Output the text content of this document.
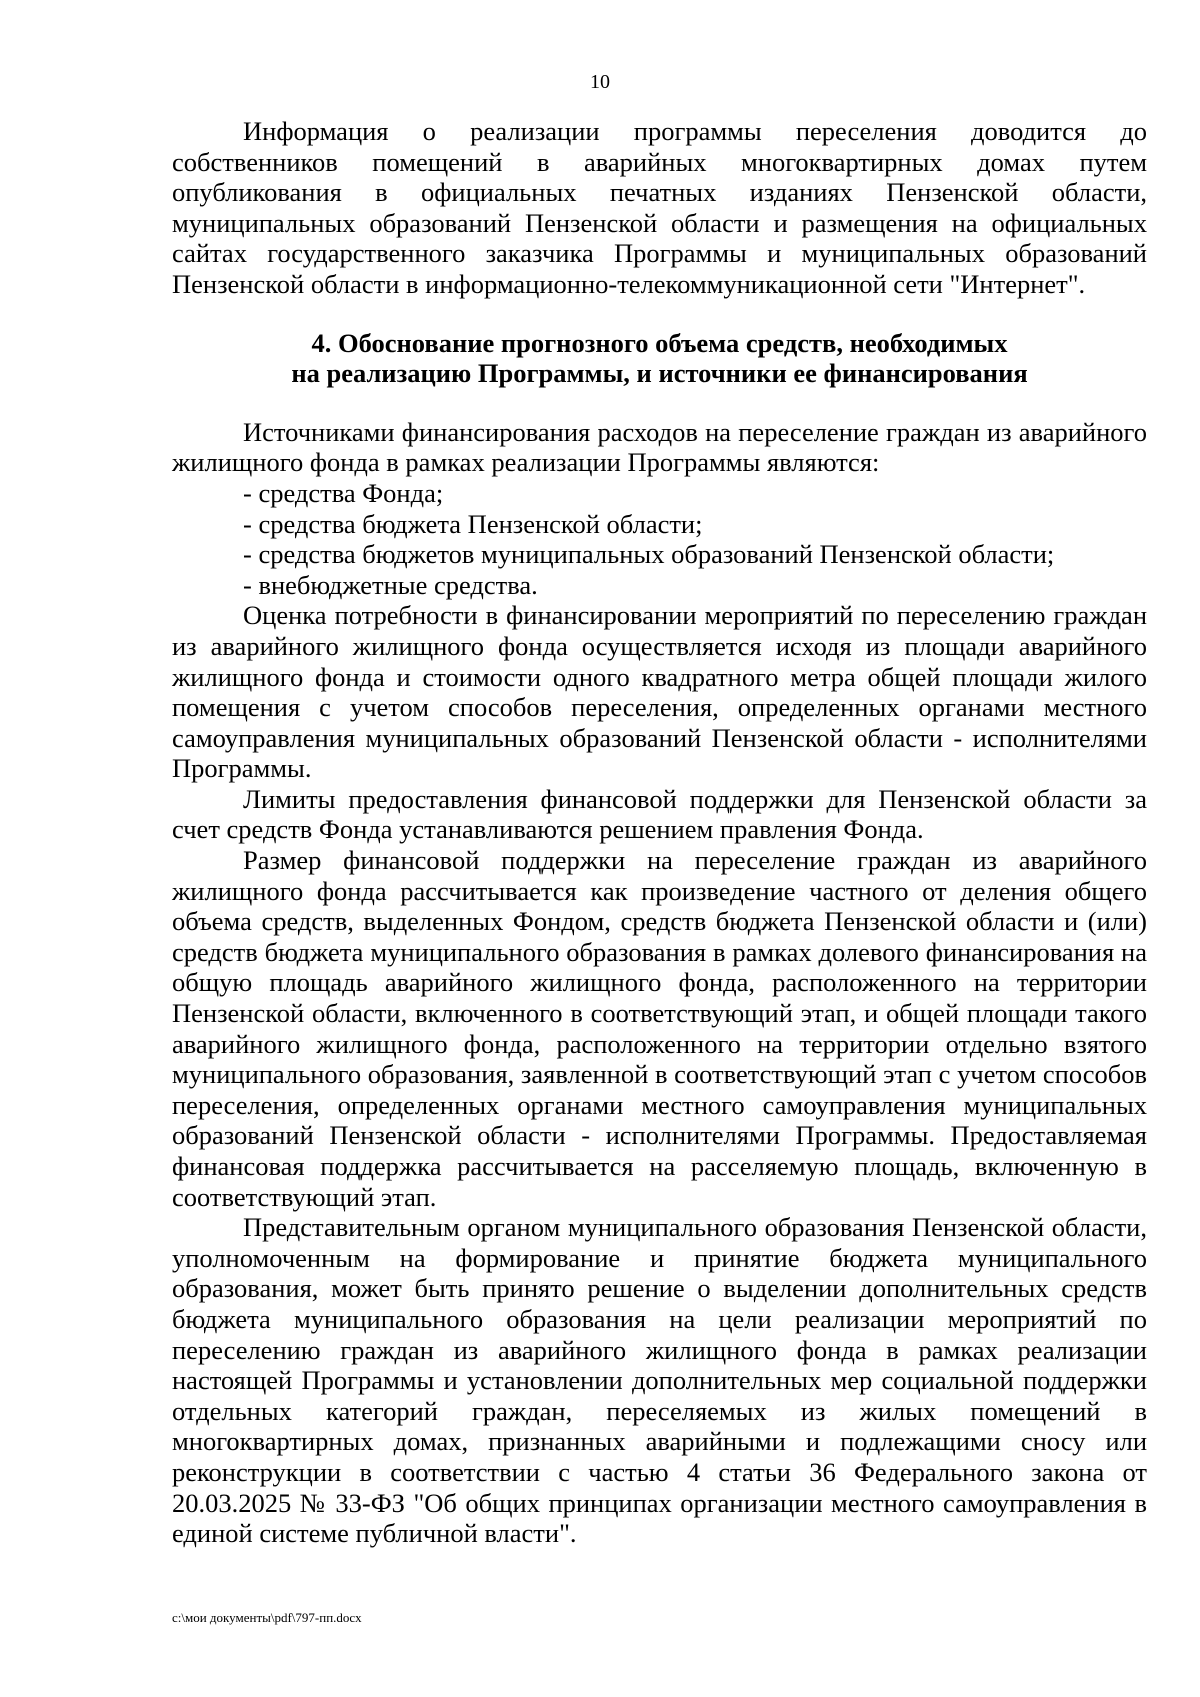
10

Информация о реализации программы переселения доводится до собственников помещений в аварийных многоквартирных домах путем опубликования в официальных печатных изданиях Пензенской области, муниципальных образований Пензенской области и размещения на официальных сайтах государственного заказчика Программы и муниципальных образований Пензенской области в информационно-телекоммуникационной сети "Интернет".

4. Обоснование прогнозного объема средств, необходимых
на реализацию Программы, и источники ее финансирования

Источниками финансирования расходов на переселение граждан из аварийного жилищного фонда в рамках реализации Программы являются:

- средства Фонда;

- средства бюджета Пензенской области;

- средства бюджетов муниципальных образований Пензенской области;

- внебюджетные средства.

Оценка потребности в финансировании мероприятий по переселению граждан из аварийного жилищного фонда осуществляется исходя из площади аварийного жилищного фонда и стоимости одного квадратного метра общей площади жилого помещения с учетом способов переселения, определенных органами местного самоуправления муниципальных образований Пензенской области - исполнителями Программы.

Лимиты предоставления финансовой поддержки для Пензенской области за счет средств Фонда устанавливаются решением правления Фонда.

Размер финансовой поддержки на переселение граждан из аварийного жилищного фонда рассчитывается как произведение частного от деления общего объема средств, выделенных Фондом, средств бюджета Пензенской области и (или) средств бюджета муниципального образования в рамках долевого финансирования на общую площадь аварийного жилищного фонда, расположенного на территории Пензенской области, включенного в соответствующий этап, и общей площади такого аварийного жилищного фонда, расположенного на территории отдельно взятого муниципального образования, заявленной в соответствующий этап с учетом способов переселения, определенных органами местного самоуправления муниципальных образований Пензенской области - исполнителями Программы. Предоставляемая финансовая поддержка рассчитывается на расселяемую площадь, включенную в соответствующий этап.

Представительным органом муниципального образования Пензенской области, уполномоченным на формирование и принятие бюджета муниципального образования, может быть принято решение о выделении дополнительных средств бюджета муниципального образования на цели реализации мероприятий по переселению граждан из аварийного жилищного фонда в рамках реализации настоящей Программы и установлении дополнительных мер социальной поддержки отдельных категорий граждан, переселяемых из жилых помещений в многоквартирных домах, признанных аварийными и подлежащими сносу или реконструкции в соответствии с частью 4 статьи 36 Федерального закона от 20.03.2025 № 33-ФЗ "Об общих принципах организации местного самоуправления в единой системе публичной власти".

с:\мои документы\pdf\797-пп.docx
